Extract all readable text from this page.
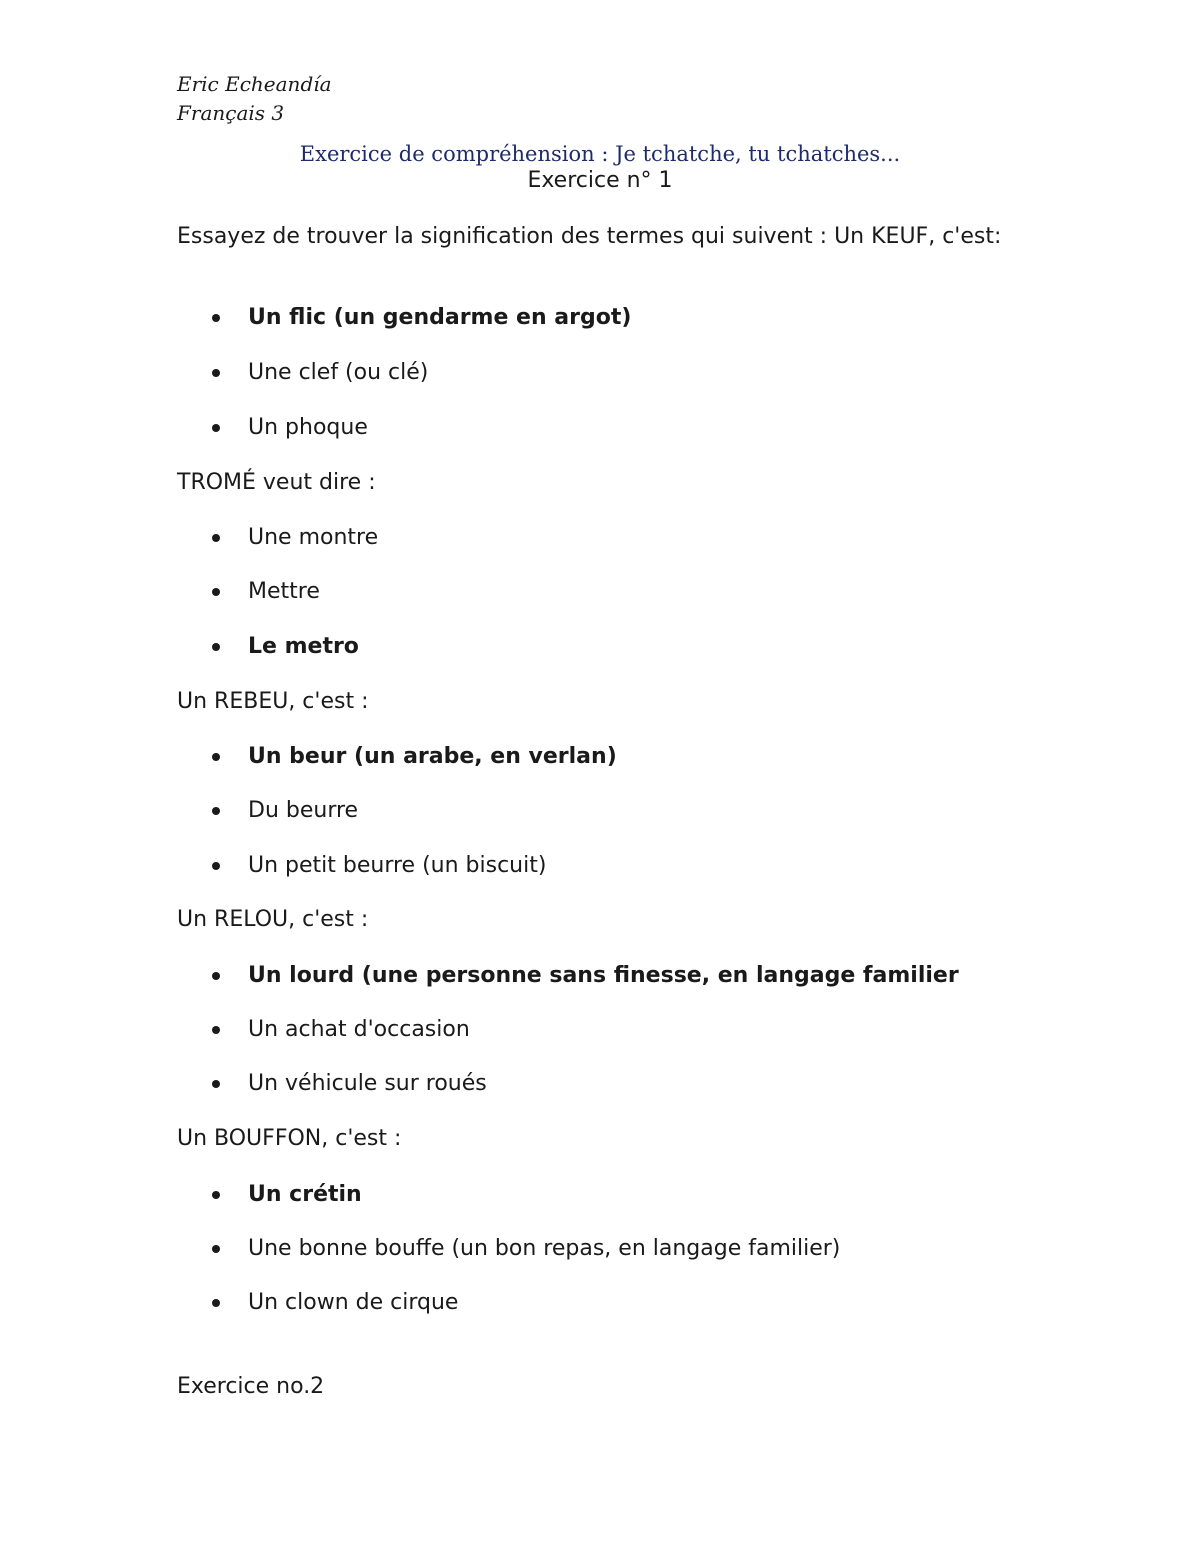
Eric Echeandía
Français 3
Exercice de compréhension : Je tchatche, tu tchatches...
Exercice n° 1
Essayez de trouver la signification des termes qui suivent : Un KEUF, c'est:
Un flic (un gendarme en argot)
Une clef (ou clé)
Un phoque
TROMÉ veut dire :
Une montre
Mettre
Le metro
Un REBEU, c'est :
Un beur (un arabe, en verlan)
Du beurre
Un petit beurre (un biscuit)
Un RELOU, c'est :
Un lourd (une personne sans finesse, en langage familier
Un achat d'occasion
Un véhicule sur roués
Un BOUFFON, c'est :
Un crétin
Une bonne bouffe (un bon repas, en langage familier)
Un clown de cirque
Exercice no.2
